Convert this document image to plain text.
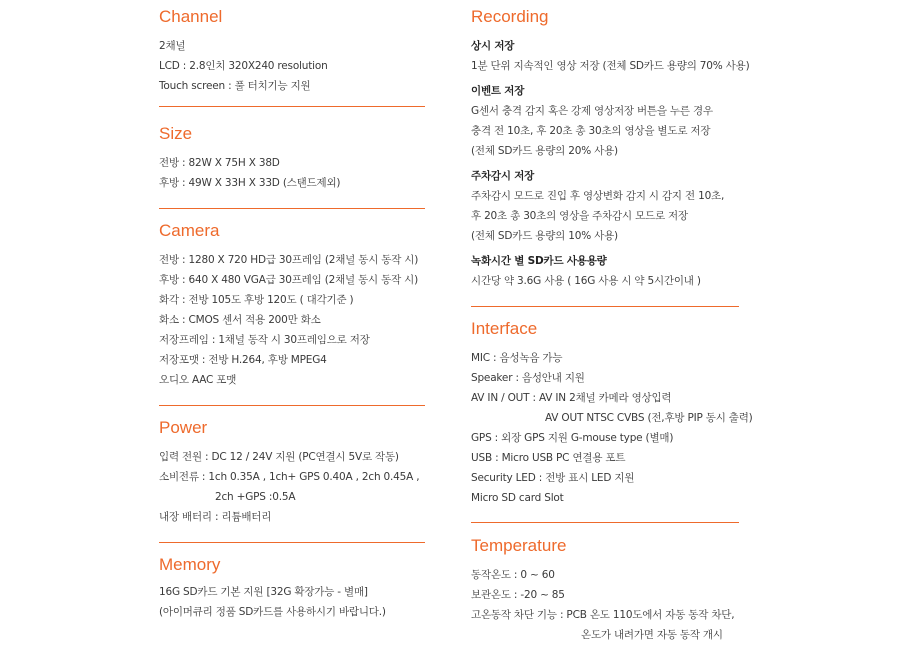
Channel
2채널
LCD : 2.8인치 320X240 resolution
Touch screen : 풀 터치기능 지원
Size
전방 : 82W X 75H X 38D
후방 : 49W X 33H X 33D (스탠드제외)
Camera
전방 : 1280 X 720 HD급 30프레임 (2채널 동시 동작 시)
후방 : 640 X 480 VGA급 30프레임 (2채널 동시 동작 시)
화각 : 전방 105도 후방 120도 ( 대각기준 )
화소 : CMOS 센서 적용 200만 화소
저장프레임 : 1채널 동작 시 30프레임으로 저장
저장포맷 : 전방 H.264, 후방 MPEG4
오디오 AAC 포맷
Power
입력 전원 : DC 12 / 24V 지원 (PC연결시 5V로 작동)
소비전류 : 1ch 0.35A , 1ch+ GPS 0.40A , 2ch 0.45A ,
2ch +GPS :0.5A
내장 배터리 : 리튬배터리
Memory
16G SD카드 기본 지원 [32G 확장가능 - 별매]
(아이머큐리 정품 SD카드를 사용하시기 바랍니다.)
Recording
상시 저장
1분 단위 지속적인 영상 저장 (전체 SD카드 용량의 70% 사용)
이벤트 저장
G센서 충격 감지 혹은 강제 영상저장 버튼을 누른 경우
충격 전 10초, 후 20초 총 30초의 영상을 별도로 저장
(전체 SD카드 용량의 20% 사용)
주차감시 저장
주차감시 모드로 진입 후 영상변화 감지 시 감지 전 10초,
후 20초 총 30초의 영상을 주차감시 모드로 저장
(전체 SD카드 용량의 10% 사용)
녹화시간 별 SD카드 사용용량
시간당 약 3.6G 사용 ( 16G 사용 시 약 5시간이내 )
Interface
MIC : 음성녹음 가능
Speaker : 음성안내 지원
AV IN / OUT : AV IN 2채널 카메라 영상입력
AV OUT NTSC CVBS (전,후방 PIP 동시 출력)
GPS : 외장 GPS 지원 G-mouse type (별매)
USB : Micro USB PC 연결용 포트
Security LED : 전방 표시 LED 지원
Micro SD card Slot
Temperature
동작온도 : 0 ~ 60
보관온도 : -20 ~ 85
고온동작 차단 기능 : PCB 온도 110도에서 자동 동작 차단,
온도가 내려가면 자동 동작 개시
